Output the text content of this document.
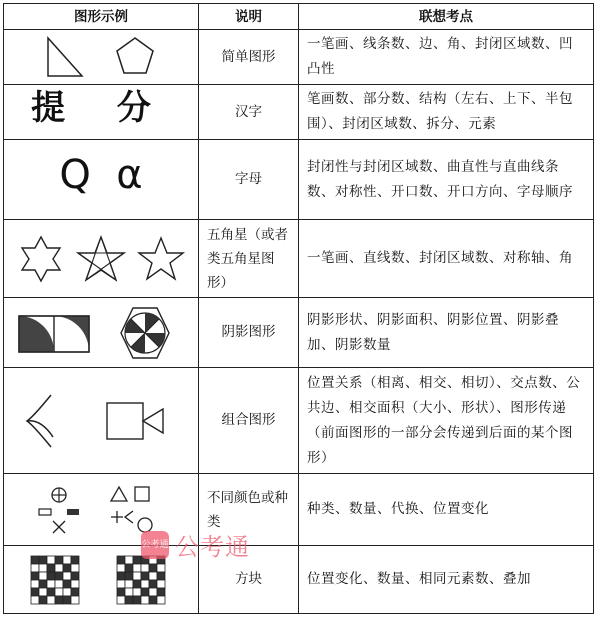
图形示例	说明	联想考点

	简单图形	一笔画、线条数、边、角、封闭区域数、凹凸性
提 分	汉字	笔画数、部分数、结构（左右、上下、半包围）、封闭区域数、拆分、元素
Q  α	字母	封闭性与封闭区域数、曲直性与直曲线条数、对称性、开口数、开口方向、字母顺序

	五角星（或者类五角星图形）	一笔画、直线数、封闭区域数、对称轴、角

	阴影图形	阴影形状、阴影面积、阴影位置、阴影叠加、阴影数量

	组合图形	位置关系（相离、相交、相切）、交点数、公共边、相交面积（大小、形状）、图形传递（前面图形的一部分会传递到后面的某个图形）

	不同颜色或种类	种类、数量、代换、位置变化

	方块	位置变化、数量、相同元素数、叠加
公考通 公考通
